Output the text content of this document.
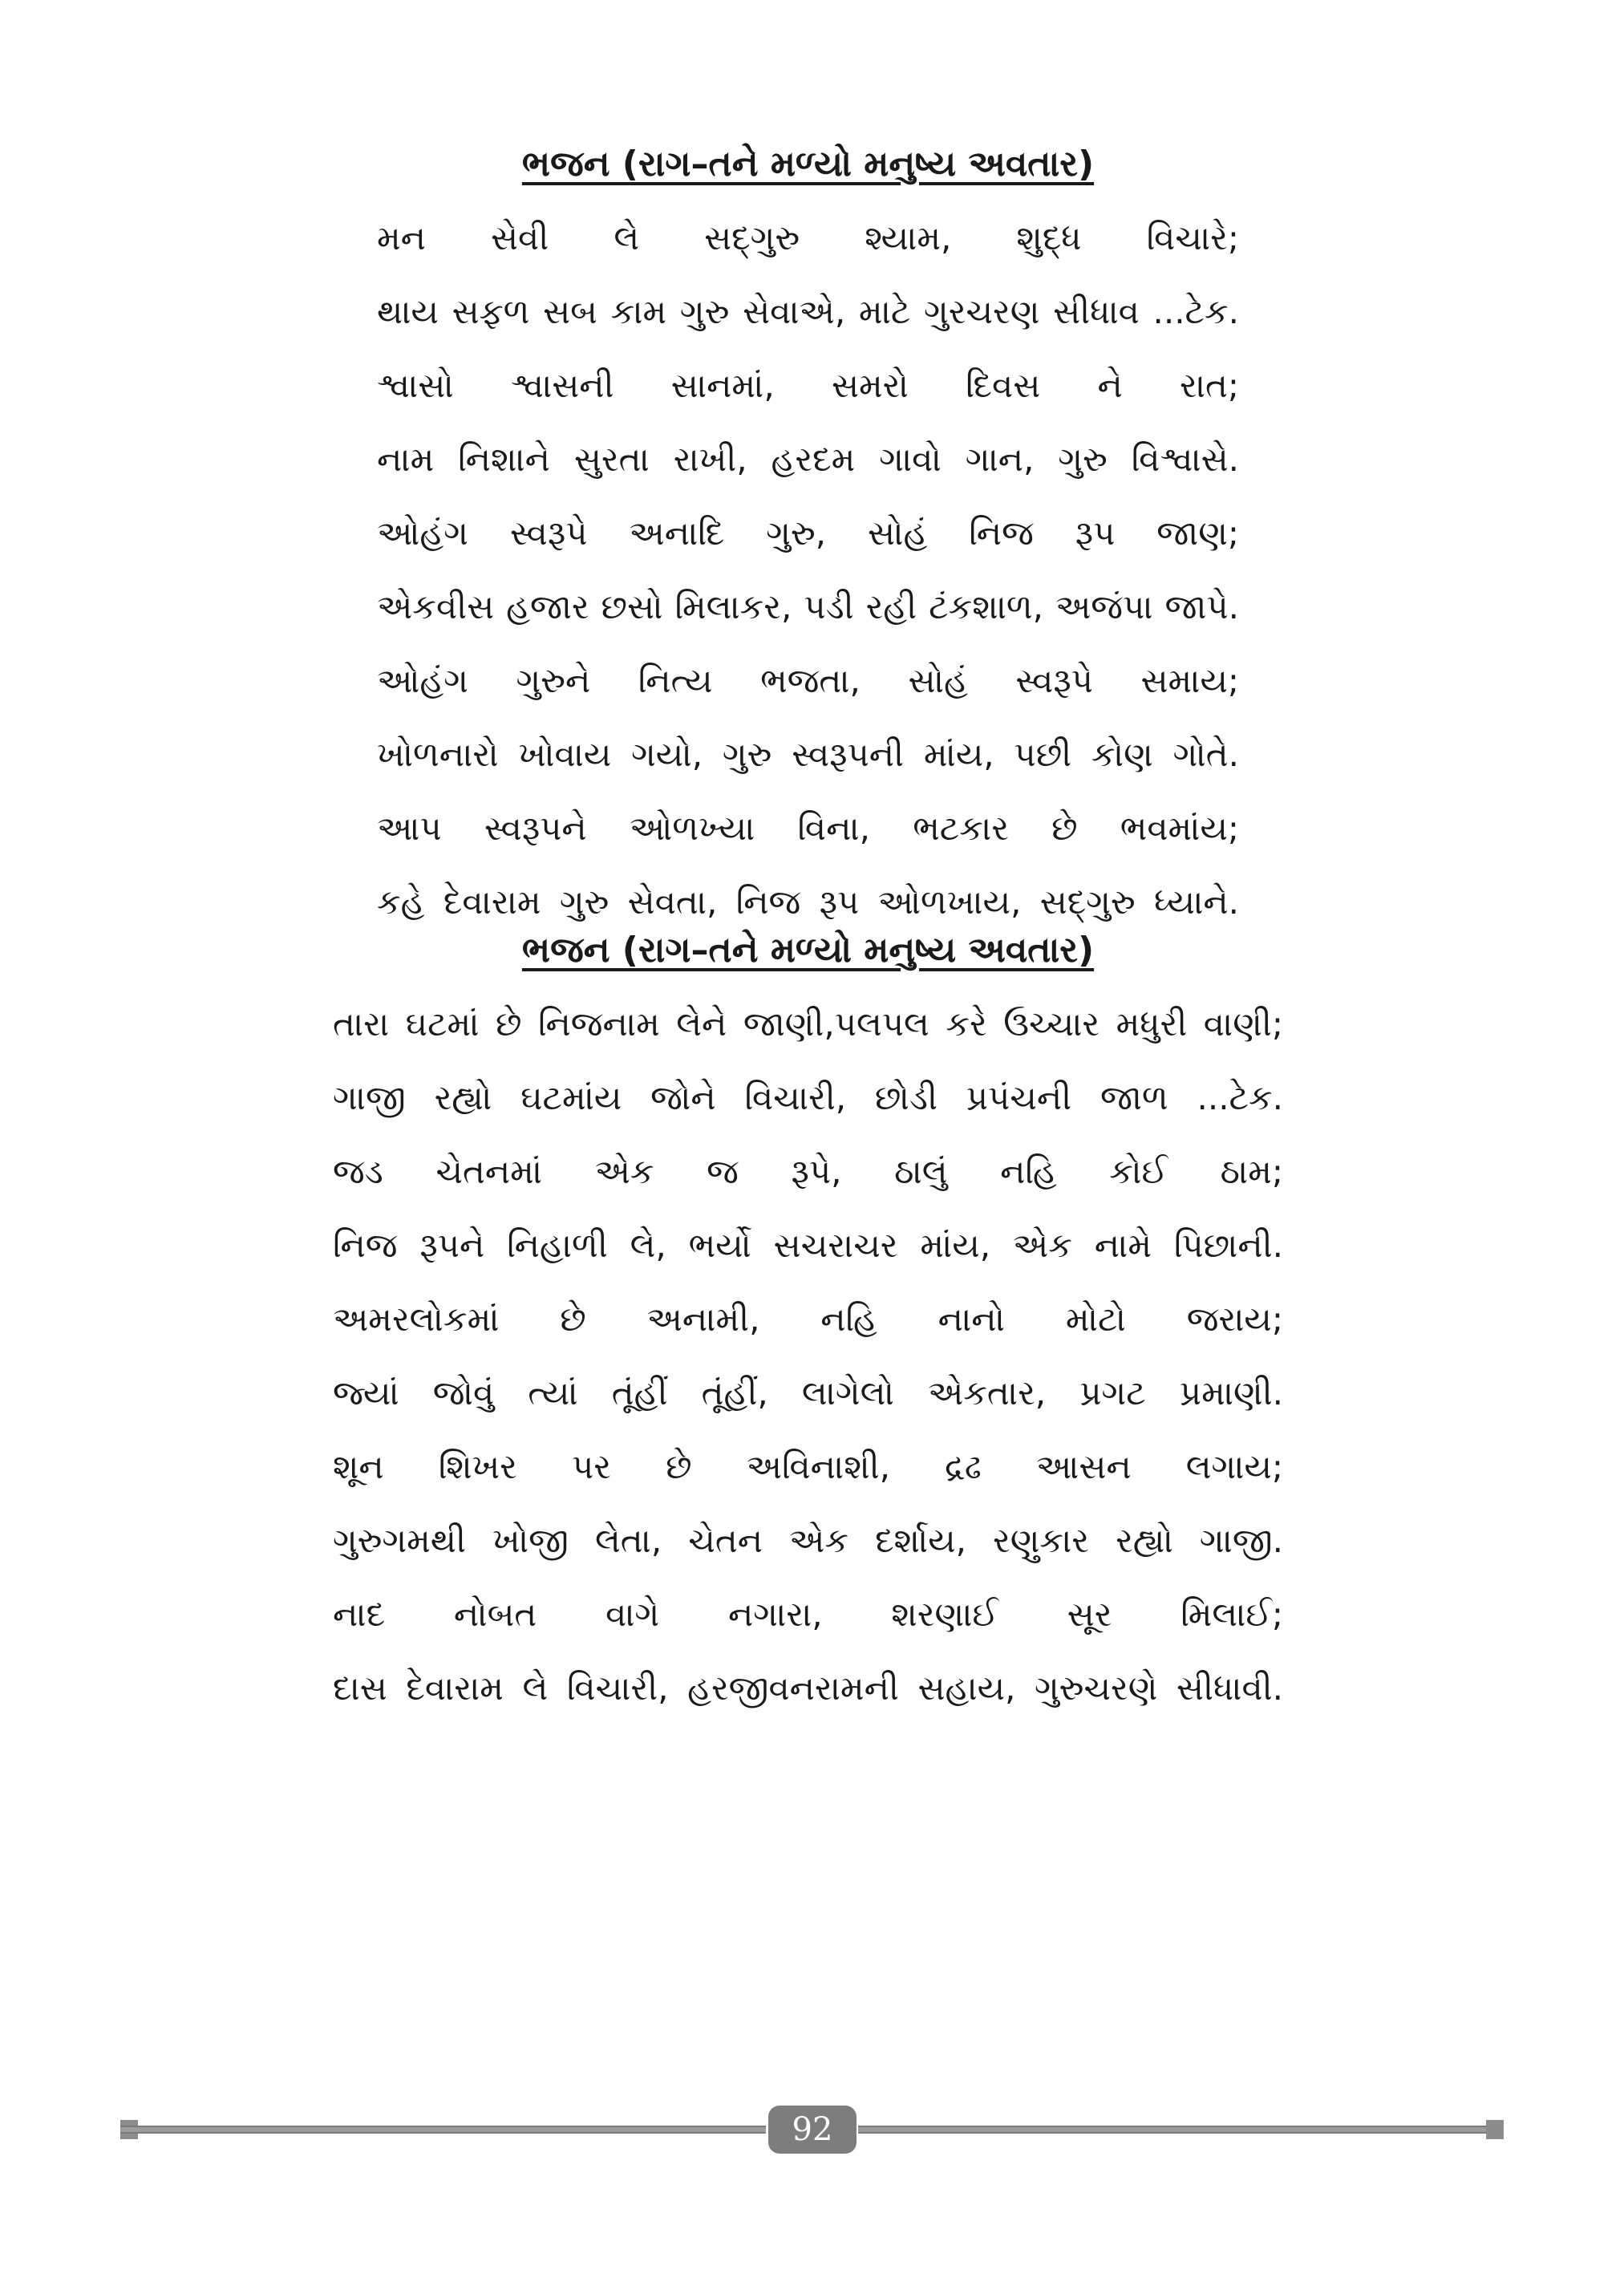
ભજન (રાગ–તને મળ્યો મનુષ્ય અવતાર)
મન સેવી લે સદ્‌ગુરુ શ્યામ, શુદ્ધ વિચારે;
થાય સફળ સબ કામ ગુરુ સેવાએ, માટે ગુરચરણ સીધાવ ...ટેક.
શ્વાસો શ્વાસની સાનમાં, સમરો દિવસ ને રાત;
નામ નિશાને સુરતા રાખી, હરદમ ગાવો ગાન, ગુરુ વિશ્વાસે.
ઓહંગ સ્વરૂપે અનાદિ ગુરુ, સોહં નિજ રૂપ જાણ;
એકવીસ હજાર છસો મિલાકર, પડી રહી ટંકશાળ, અજંપા જાપે.
ઓહંગ ગુરુને નિત્ય ભજતા, સોહં સ્વરૂપે સમાય;
ખોળનારો ખોવાય ગયો, ગુરુ સ્વરૂપની માંય, પછી કોણ ગોતે.
આપ સ્વરૂપને ઓળખ્યા વિના, ભટકાર છે ભવમાંય;
કહે દેવારામ ગુરુ સેવતા, નિજ રૂપ ઓળખાય, સદ્‌ગુરુ ધ્યાને.
ભજન (રાગ–તને મળ્યો મનુષ્ય અવતાર)
તારા ઘટમાં છે નિજનામ લેને જાણી,પલપલ કરે ઉચ્ચાર મધુરી વાણી;
ગાજી રહ્યો ઘટમાંય જોને વિચારી, છોડી પ્રપંચની જાળ ...ટેક.
જડ ચેતનમાં એક જ રૂપે, ઠાલું નહિ કોઈ ઠામ;
નિજ રૂપને નિહાળી લે, ભર્યો સચરાચર માંય, એક નામે પિછાની.
અમરલોકમાં છે અનામી, નહિ નાનો મોટો જરાય;
જ્યાં જોવું ત્યાં તૂંહીં તૂંહીં, લાગેલો એકતાર, પ્રગટ પ્રમાણી.
શૂન શિખર પર છે અવિનાશી, દ્રઢ આસન લગાય;
ગુરુગમથી ખોજી લેતા, ચેતન એક દર્શાય, રણુકાર રહ્યો ગાજી.
નાદ નોબત વાગે નગારા, શરણાઈ સૂર મિલાઈ;
દાસ દેવારામ લે વિચારી, હરજીવનરામની સહાય, ગુરુચરણે સીધાવી.
92
